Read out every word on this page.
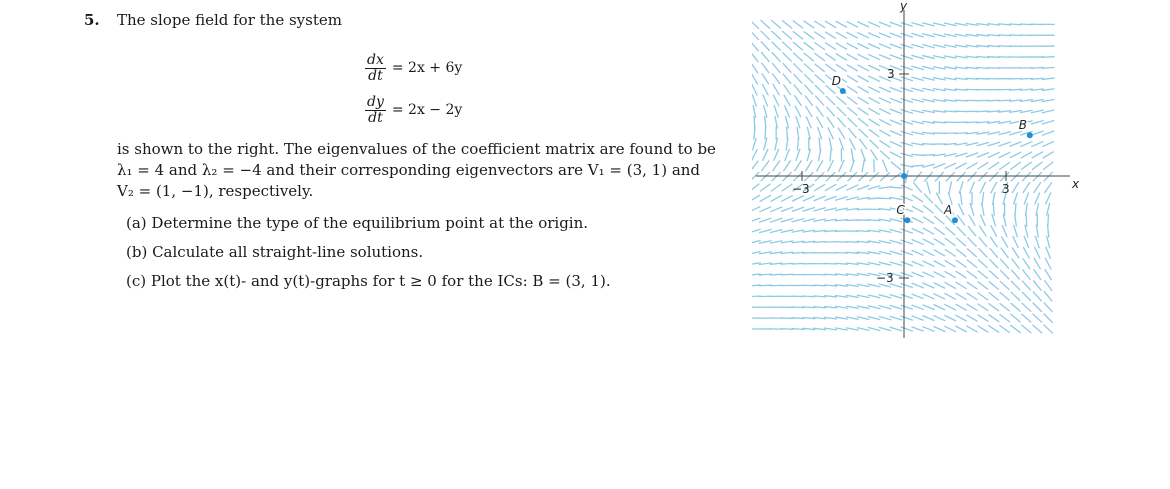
5. The slope field for the system
$\frac{dx}{dt} = 2x + 6y$
$\frac{dy}{dt} = 2x - 2y$
is shown to the right. The eigenvalues of the coefficient matrix are found to be
λ₁ = 4 and λ₂ = −4 and their corresponding eigenvectors are V₁ = (3, 1) and
V₂ = (1, −1), respectively.
(a) Determine the type of the equilibrium point at the origin.
(b) Calculate all straight-line solutions.
(c) Plot the x(t)- and y(t)-graphs for t ≥ 0 for the ICs: B = (3, 1).
3
−3
−3	3	x
y
A
B
C
D
